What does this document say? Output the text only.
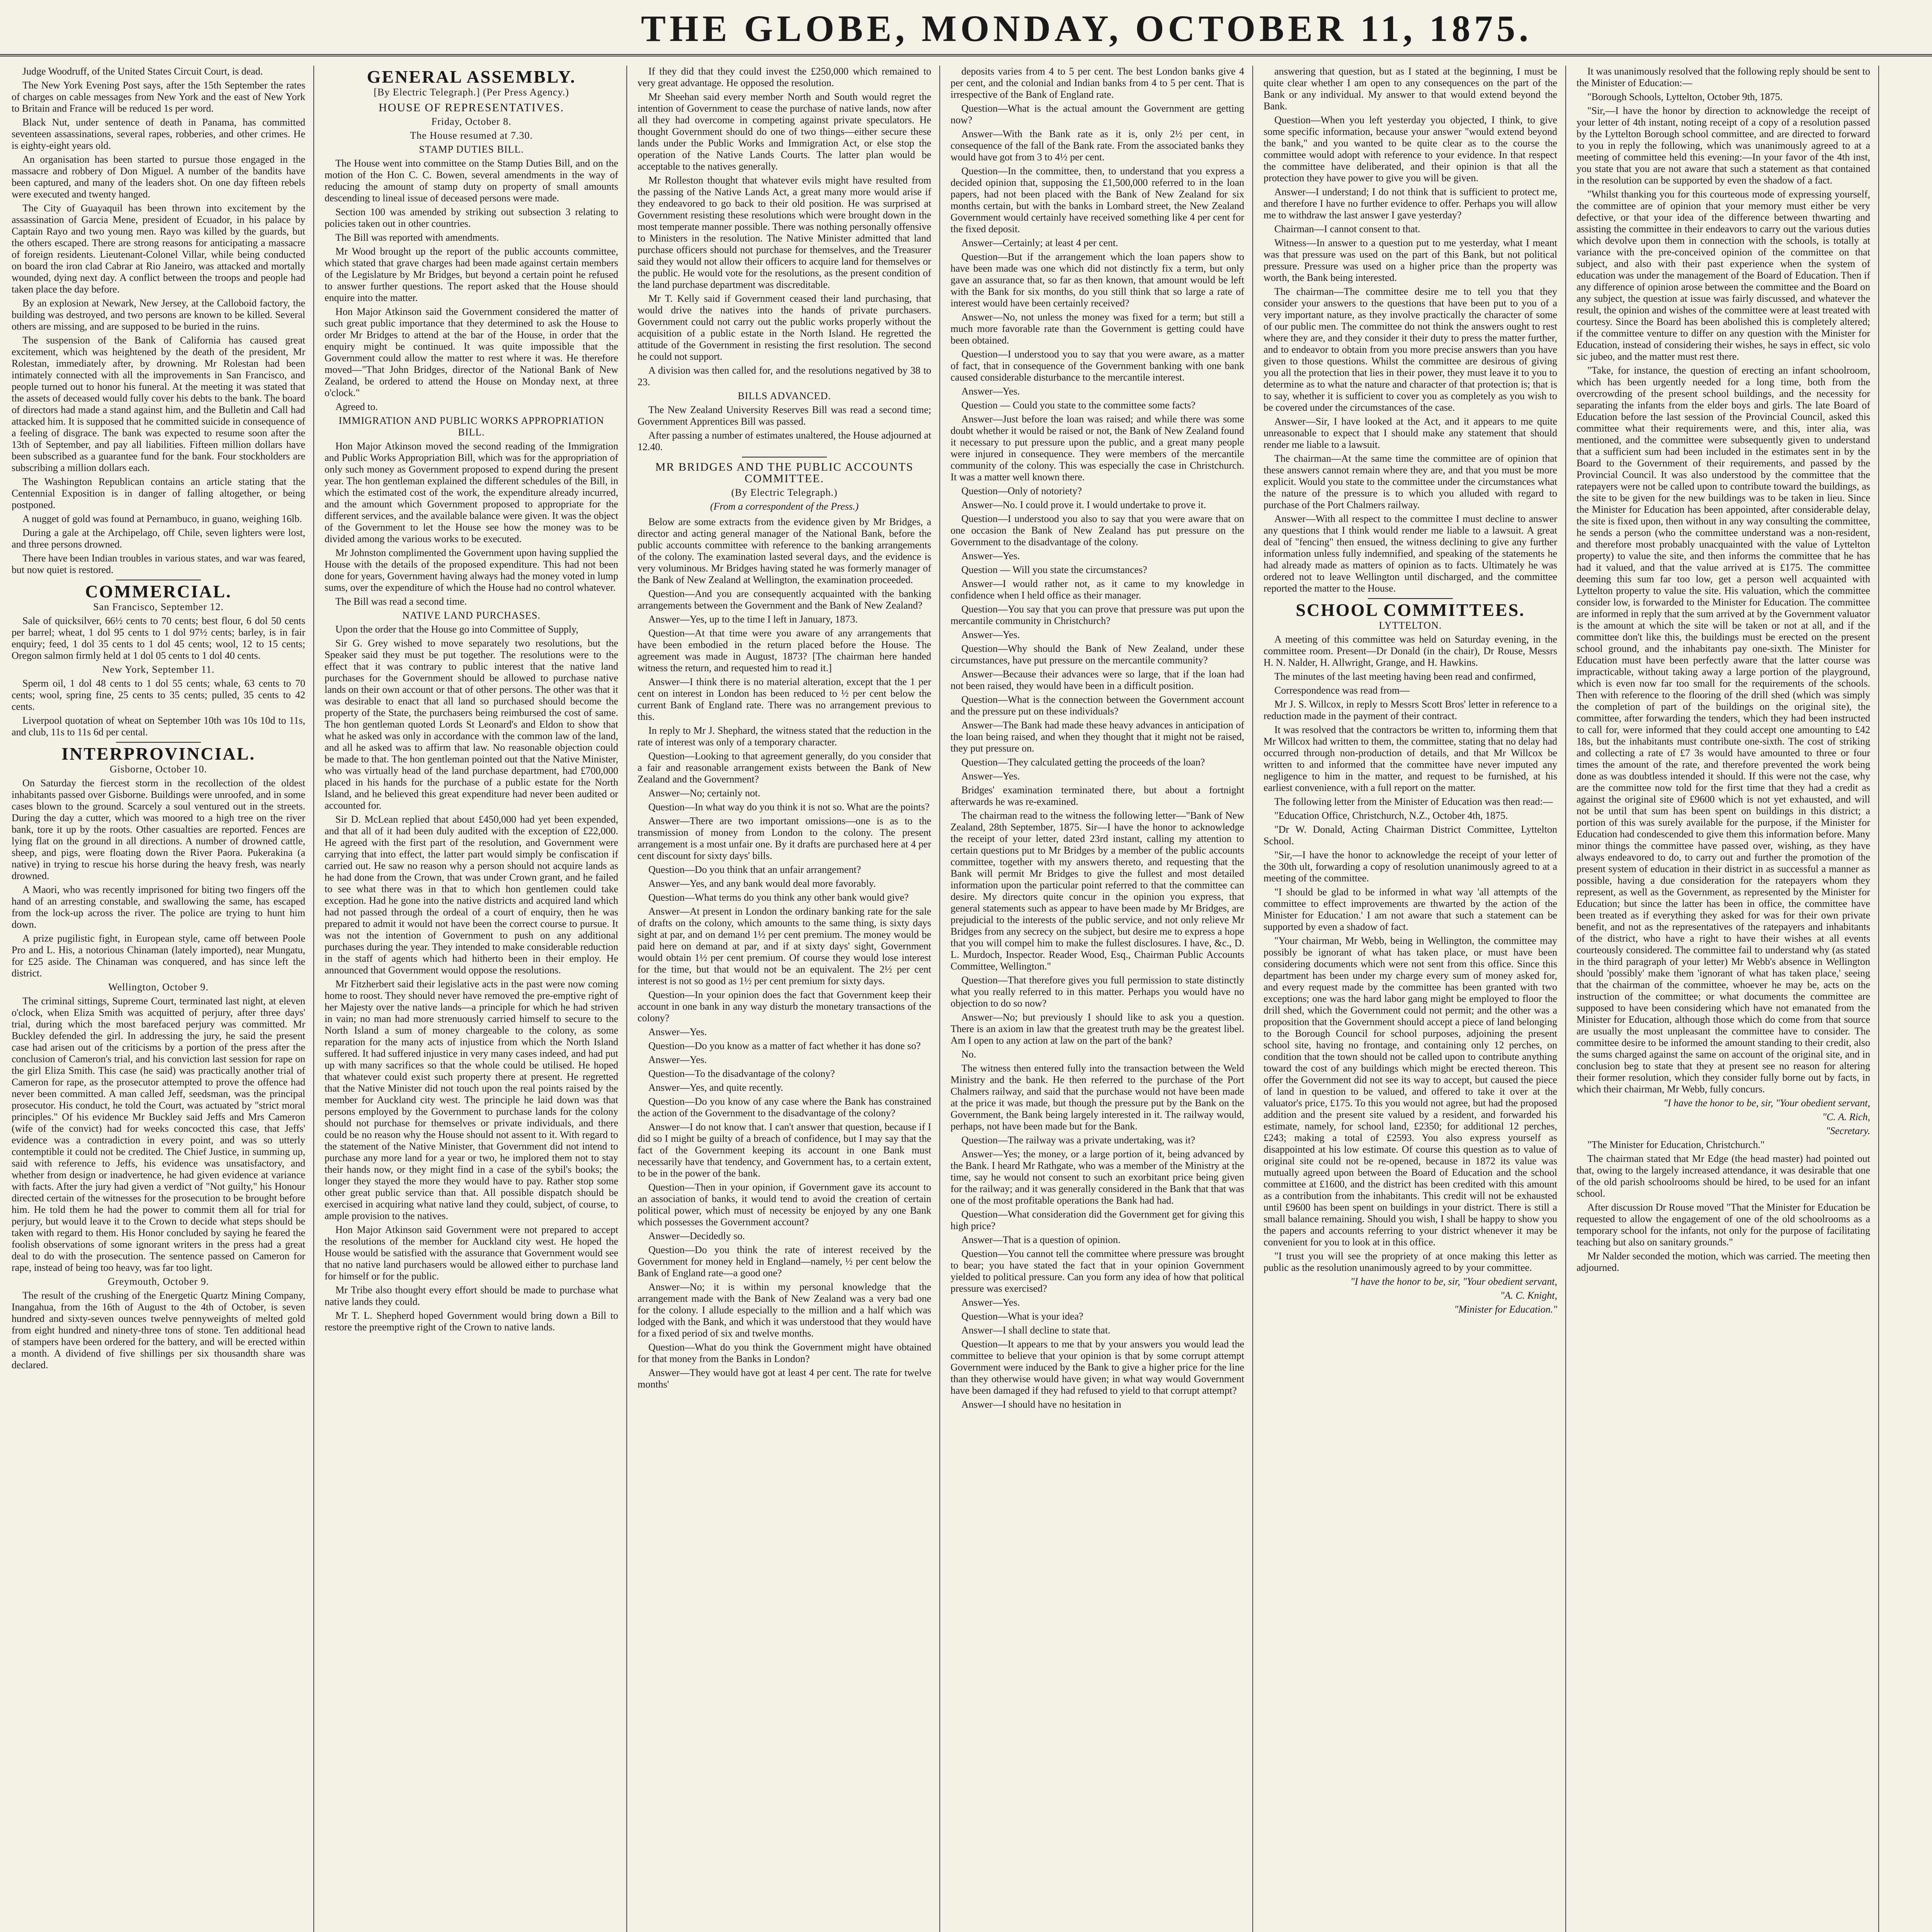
THE GLOBE, MONDAY, OCTOBER 11, 1875.

Judge Woodruff, of the United States Circuit Court, is dead.

The New York Evening Post says, after the 15th September the rates of charges on cable messages from New York and the east of New York to Britain and France will be reduced 1s per word.

Black Nut, under sentence of death in Panama, has committed seventeen assassinations, several rapes, robberies, and other crimes. He is eighty-eight years old.

An organisation has been started to pursue those engaged in the massacre and robbery of Don Miguel. A number of the bandits have been captured, and many of the leaders shot. On one day fifteen rebels were executed and twenty hanged.

The City of Guayaquil has been thrown into excitement by the assassination of Garcia Mene, president of Ecuador, in his palace by Captain Rayo and two young men. Rayo was killed by the guards, but the others escaped. There are strong reasons for anticipating a massacre of foreign residents. Lieutenant-Colonel Villar, while being conducted on board the iron clad Cabrar at Rio Janeiro, was attacked and mortally wounded, dying next day. A conflict between the troops and people had taken place the day before.

By an explosion at Newark, New Jersey, at the Calloboid factory, the building was destroyed, and two persons are known to be killed. Several others are missing, and are supposed to be buried in the ruins.

The suspension of the Bank of California has caused great excitement, which was heightened by the death of the president, Mr Rolestan, immediately after, by drowning. Mr Rolestan had been intimately connected with all the improvements in San Francisco, and people turned out to honor his funeral. At the meeting it was stated that the assets of deceased would fully cover his debts to the bank. The board of directors had made a stand against him, and the Bulletin and Call had attacked him. It is supposed that he committed suicide in consequence of a feeling of disgrace. The bank was expected to resume soon after the 13th of September, and pay all liabilities. Fifteen million dollars have been subscribed as a guarantee fund for the bank. Four stockholders are subscribing a million dollars each.

The Washington Republican contains an article stating that the Centennial Exposition is in danger of falling altogether, or being postponed.

A nugget of gold was found at Pernambuco, in guano, weighing 16lb.

During a gale at the Archipelago, off Chile, seven lighters were lost, and three persons drowned.

There have been Indian troubles in various states, and war was feared, but now quiet is restored.

COMMERCIAL.
San Francisco, September 12.

Sale of quicksilver, 66½ cents to 70 cents; best flour, 6 dol 50 cents per barrel; wheat, 1 dol 95 cents to 1 dol 97½ cents; barley, is in fair enquiry; feed, 1 dol 35 cents to 1 dol 45 cents; wool, 12 to 15 cents; Oregon salmon firmly held at 1 dol 05 cents to 1 dol 40 cents.

New York, September 11.

Sperm oil, 1 dol 48 cents to 1 dol 55 cents; whale, 63 cents to 70 cents; wool, spring fine, 25 cents to 35 cents; pulled, 35 cents to 42 cents.

Liverpool quotation of wheat on September 10th was 10s 10d to 11s, and club, 11s to 11s 6d per cental.

INTERPROVINCIAL.
Gisborne, October 10.

On Saturday the fiercest storm in the recollection of the oldest inhabitants passed over Gisborne. Buildings were unroofed, and in some cases blown to the ground. Scarcely a soul ventured out in the streets. During the day a cutter, which was moored to a high tree on the river bank, tore it up by the roots. Other casualties are reported. Fences are lying flat on the ground in all directions. A number of drowned cattle, sheep, and pigs, were floating down the River Paora. Pukerakina (a native) in trying to rescue his horse during the heavy fresh, was nearly drowned.

A Maori, who was recently imprisoned for biting two fingers off the hand of an arresting constable, and swallowing the same, has escaped from the lock-up across the river. The police are trying to hunt him down.

A prize pugilistic fight, in European style, came off between Poole Pro and L. His, a notorious Chinaman (lately imported), near Mungatu, for £25 aside. The Chinaman was conquered, and has since left the district.

Wellington, October 9.

The criminal sittings, Supreme Court, terminated last night, at eleven o'clock, when Eliza Smith was acquitted of perjury, after three days' trial, during which the most barefaced perjury was committed. Mr Buckley defended the girl. In addressing the jury, he said the present case had arisen out of the criticisms by a portion of the press after the conclusion of Cameron's trial, and his conviction last session for rape on the girl Eliza Smith. This case (he said) was practically another trial of Cameron for rape, as the prosecutor attempted to prove the offence had never been committed. A man called Jeff, seedsman, was the principal prosecutor. His conduct, he told the Court, was actuated by "strict moral principles." Of his evidence Mr Buckley said Jeffs and Mrs Cameron (wife of the convict) had for weeks concocted this case, that Jeffs' evidence was a contradiction in every point, and was so utterly contemptible it could not be credited. The Chief Justice, in summing up, said with reference to Jeffs, his evidence was unsatisfactory, and whether from design or inadvertence, he had given evidence at variance with facts. After the jury had given a verdict of "Not guilty," his Honour directed certain of the witnesses for the prosecution to be brought before him. He told them he had the power to commit them all for trial for perjury, but would leave it to the Crown to decide what steps should be taken with regard to them. His Honor concluded by saying he feared the foolish observations of some ignorant writers in the press had a great deal to do with the prosecution. The sentence passed on Cameron for rape, instead of being too heavy, was far too light.

Greymouth, October 9.

The result of the crushing of the Energetic Quartz Mining Company, Inangahua, from the 16th of August to the 4th of October, is seven hundred and sixty-seven ounces twelve pennyweights of melted gold from eight hundred and ninety-three tons of stone. Ten additional head of stampers have been ordered for the battery, and will be erected within a month. A dividend of five shillings per six thousandth share was declared.

GENERAL ASSEMBLY.
[By Electric Telegraph.] (Per Press Agency.)
HOUSE OF REPRESENTATIVES.
Friday, October 8.
The House resumed at 7.30.
STAMP DUTIES BILL.

The House went into committee on the Stamp Duties Bill, and on the motion of the Hon C. C. Bowen, several amendments in the way of reducing the amount of stamp duty on property of small amounts descending to lineal issue of deceased persons were made.

Section 100 was amended by striking out subsection 3 relating to policies taken out in other countries.

The Bill was reported with amendments.

Mr Wood brought up the report of the public accounts committee, which stated that grave charges had been made against certain members of the Legislature by Mr Bridges, but beyond a certain point he refused to answer further questions. The report asked that the House should enquire into the matter.

Hon Major Atkinson said the Government considered the matter of such great public importance that they determined to ask the House to order Mr Bridges to attend at the bar of the House, in order that the enquiry might be continued. It was quite impossible that the Government could allow the matter to rest where it was. He therefore moved—"That John Bridges, director of the National Bank of New Zealand, be ordered to attend the House on Monday next, at three o'clock."

Agreed to.

IMMIGRATION AND PUBLIC WORKS APPROPRIATION BILL.

Hon Major Atkinson moved the second reading of the Immigration and Public Works Appropriation Bill, which was for the appropriation of only such money as Government proposed to expend during the present year. The hon gentleman explained the different schedules of the Bill, in which the estimated cost of the work, the expenditure already incurred, and the amount which Government proposed to appropriate for the different services, and the available balance were given. It was the object of the Government to let the House see how the money was to be divided among the various works to be executed.

Mr Johnston complimented the Government upon having supplied the House with the details of the proposed expenditure. This had not been done for years, Government having always had the money voted in lump sums, over the expenditure of which the House had no control whatever.

The Bill was read a second time.

NATIVE LAND PURCHASES.

Upon the order that the House go into Committee of Supply,

Sir G. Grey wished to move separately two resolutions, but the Speaker said they must be put together. The resolutions were to the effect that it was contrary to public interest that the native land purchases for the Government should be allowed to purchase native lands on their own account or that of other persons. The other was that it was desirable to enact that all land so purchased should become the property of the State, the purchasers being reimbursed the cost of same. The hon gentleman quoted Lords St Leonard's and Eldon to show that what he asked was only in accordance with the common law of the land, and all he asked was to affirm that law. No reasonable objection could be made to that. The hon gentleman pointed out that the Native Minister, who was virtually head of the land purchase department, had £700,000 placed in his hands for the purchase of a public estate for the North Island, and he believed this great expenditure had never been audited or accounted for.

Sir D. McLean replied that about £450,000 had yet been expended, and that all of it had been duly audited with the exception of £22,000. He agreed with the first part of the resolution, and Government were carrying that into effect, the latter part would simply be confiscation if carried out. He saw no reason why a person should not acquire lands as he had done from the Crown, that was under Crown grant, and he failed to see what there was in that to which hon gentlemen could take exception. Had he gone into the native districts and acquired land which had not passed through the ordeal of a court of enquiry, then he was prepared to admit it would not have been the correct course to pursue. It was not the intention of Government to push on any additional purchases during the year. They intended to make considerable reduction in the staff of agents which had hitherto been in their employ. He announced that Government would oppose the resolutions.

Mr Fitzherbert said their legislative acts in the past were now coming home to roost. They should never have removed the pre-emptive right of her Majesty over the native lands—a principle for which he had striven in vain; no man had more strenuously carried himself to secure to the North Island a sum of money chargeable to the colony, as some reparation for the many acts of injustice from which the North Island suffered. It had suffered injustice in very many cases indeed, and had put up with many sacrifices so that the whole could be utilised. He hoped that whatever could exist such property there at present. He regretted that the Native Minister did not touch upon the real points raised by the member for Auckland city west. The principle he laid down was that persons employed by the Government to purchase lands for the colony should not purchase for themselves or private individuals, and there could be no reason why the House should not assent to it. With regard to the statement of the Native Minister, that Government did not intend to purchase any more land for a year or two, he implored them not to stay their hands now, or they might find in a case of the sybil's books; the longer they stayed the more they would have to pay. Rather stop some other great public service than that. All possible dispatch should be exercised in acquiring what native land they could, subject, of course, to ample provision to the natives.

Hon Major Atkinson said Government were not prepared to accept the resolutions of the member for Auckland city west. He hoped the House would be satisfied with the assurance that Government would see that no native land purchasers would be allowed either to purchase land for himself or for the public.

Mr Tribe also thought every effort should be made to purchase what native lands they could.

Mr T. L. Shepherd hoped Government would bring down a Bill to restore the preemptive right of the Crown to native lands.

If they did that they could invest the £250,000 which remained to very great advantage. He opposed the resolution.

Mr Sheehan said every member North and South would regret the intention of Government to cease the purchase of native lands, now after all they had overcome in competing against private speculators. He thought Government should do one of two things—either secure these lands under the Public Works and Immigration Act, or else stop the operation of the Native Lands Courts. The latter plan would be acceptable to the natives generally.

Mr Rolleston thought that whatever evils might have resulted from the passing of the Native Lands Act, a great many more would arise if they endeavored to go back to their old position. He was surprised at Government resisting these resolutions which were brought down in the most temperate manner possible. There was nothing personally offensive to Ministers in the resolution. The Native Minister admitted that land purchase officers should not purchase for themselves, and the Treasurer said they would not allow their officers to acquire land for themselves or the public. He would vote for the resolutions, as the present condition of the land purchase department was discreditable.

Mr T. Kelly said if Government ceased their land purchasing, that would drive the natives into the hands of private purchasers. Government could not carry out the public works properly without the acquisition of a public estate in the North Island. He regretted the attitude of the Government in resisting the first resolution. The second he could not support.

A division was then called for, and the resolutions negatived by 38 to 23.

BILLS ADVANCED.

The New Zealand University Reserves Bill was read a second time; Government Apprentices Bill was passed.

After passing a number of estimates unaltered, the House adjourned at 12.40.

MR BRIDGES AND THE PUBLIC ACCOUNTS COMMITTEE.
(By Electric Telegraph.)
(From a correspondent of the Press.)

Below are some extracts from the evidence given by Mr Bridges, a director and acting general manager of the National Bank, before the public accounts committee with reference to the banking arrangements of the colony. The examination lasted several days, and the evidence is very voluminous. Mr Bridges having stated he was formerly manager of the Bank of New Zealand at Wellington, the examination proceeded.

Question—And you are consequently acquainted with the banking arrangements between the Government and the Bank of New Zealand?

Answer—Yes, up to the time I left in January, 1873.

Question—At that time were you aware of any arrangements that have been embodied in the return placed before the House. The agreement was made in August, 1873? [The chairman here handed witness the return, and requested him to read it.]

Answer—I think there is no material alteration, except that the 1 per cent on interest in London has been reduced to ½ per cent below the current Bank of England rate. There was no arrangement previous to this.

In reply to Mr J. Shephard, the witness stated that the reduction in the rate of interest was only of a temporary character.

Question—Looking to that agreement generally, do you consider that a fair and reasonable arrangement exists between the Bank of New Zealand and the Government?

Answer—No; certainly not.

Question—In what way do you think it is not so. What are the points?

Answer—There are two important omissions—one is as to the transmission of money from London to the colony. The present arrangement is a most unfair one. By it drafts are purchased here at 4 per cent discount for sixty days' bills.

Question—Do you think that an unfair arrangement?

Answer—Yes, and any bank would deal more favorably.

Question—What terms do you think any other bank would give?

Answer—At present in London the ordinary banking rate for the sale of drafts on the colony, which amounts to the same thing, is sixty days sight at par, and on demand 1½ per cent premium. The money would be paid here on demand at par, and if at sixty days' sight, Government would obtain 1½ per cent premium. Of course they would lose interest for the time, but that would not be an equivalent. The 2½ per cent interest is not so good as 1½ per cent premium for sixty days.

Question—In your opinion does the fact that Government keep their account in one bank in any way disturb the monetary transactions of the colony?

Answer—Yes.

Question—Do you know as a matter of fact whether it has done so?

Answer—Yes.

Question—To the disadvantage of the colony?

Answer—Yes, and quite recently.

Question—Do you know of any case where the Bank has constrained the action of the Government to the disadvantage of the colony?

Answer—I do not know that. I can't answer that question, because if I did so I might be guilty of a breach of confidence, but I may say that the fact of the Government keeping its account in one Bank must necessarily have that tendency, and Government has, to a certain extent, to be in the power of the bank.

Question—Then in your opinion, if Government gave its account to an association of banks, it would tend to avoid the creation of certain political power, which must of necessity be enjoyed by any one Bank which possesses the Government account?

Answer—Decidedly so.

Question—Do you think the rate of interest received by the Government for money held in England—namely, ½ per cent below the Bank of England rate—a good one?

Answer—No; it is within my personal knowledge that the arrangement made with the Bank of New Zealand was a very bad one for the colony. I allude especially to the million and a half which was lodged with the Bank, and which it was understood that they would have for a fixed period of six and twelve months.

Question—What do you think the Government might have obtained for that money from the Banks in London?

Answer—They would have got at least 4 per cent. The rate for twelve months'

deposits varies from 4 to 5 per cent. The best London banks give 4 per cent, and the colonial and Indian banks from 4 to 5 per cent. That is irrespective of the Bank of England rate.

Question—What is the actual amount the Government are getting now?

Answer—With the Bank rate as it is, only 2½ per cent, in consequence of the fall of the Bank rate. From the associated banks they would have got from 3 to 4½ per cent.

Question—In the committee, then, to understand that you express a decided opinion that, supposing the £1,500,000 referred to in the loan papers, had not been placed with the Bank of New Zealand for six months certain, but with the banks in Lombard street, the New Zealand Government would certainly have received something like 4 per cent for the fixed deposit.

Answer—Certainly; at least 4 per cent.

Question—But if the arrangement which the loan papers show to have been made was one which did not distinctly fix a term, but only gave an assurance that, so far as then known, that amount would be left with the Bank for six months, do you still think that so large a rate of interest would have been certainly received?

Answer—No, not unless the money was fixed for a term; but still a much more favorable rate than the Government is getting could have been obtained.

Question—I understood you to say that you were aware, as a matter of fact, that in consequence of the Government banking with one bank caused considerable disturbance to the mercantile interest.

Answer—Yes.

Question — Could you state to the committee some facts?

Answer—Just before the loan was raised; and while there was some doubt whether it would be raised or not, the Bank of New Zealand found it necessary to put pressure upon the public, and a great many people were injured in consequence. They were members of the mercantile community of the colony. This was especially the case in Christchurch. It was a matter well known there.

Question—Only of notoriety?

Answer—No. I could prove it. I would undertake to prove it.

Question—I understood you also to say that you were aware that on one occasion the Bank of New Zealand has put pressure on the Government to the disadvantage of the colony.

Answer—Yes.

Question — Will you state the circumstances?

Answer—I would rather not, as it came to my knowledge in confidence when I held office as their manager.

Question—You say that you can prove that pressure was put upon the mercantile community in Christchurch?

Answer—Yes.

Question—Why should the Bank of New Zealand, under these circumstances, have put pressure on the mercantile community?

Answer—Because their advances were so large, that if the loan had not been raised, they would have been in a difficult position.

Question—What is the connection between the Government account and the pressure put on these individuals?

Answer—The Bank had made these heavy advances in anticipation of the loan being raised, and when they thought that it might not be raised, they put pressure on.

Question—They calculated getting the proceeds of the loan?

Answer—Yes.

Bridges' examination terminated there, but about a fortnight afterwards he was re-examined.

The chairman read to the witness the following letter—"Bank of New Zealand, 28th September, 1875. Sir—I have the honor to acknowledge the receipt of your letter, dated 23rd instant, calling my attention to certain questions put to Mr Bridges by a member of the public accounts committee, together with my answers thereto, and requesting that the Bank will permit Mr Bridges to give the fullest and most detailed information upon the particular point referred to that the committee can desire. My directors quite concur in the opinion you express, that general statements such as appear to have been made by Mr Bridges, are prejudicial to the interests of the public service, and not only relieve Mr Bridges from any secrecy on the subject, but desire me to express a hope that you will compel him to make the fullest disclosures. I have, &c., D. L. Murdoch, Inspector. Reader Wood, Esq., Chairman Public Accounts Committee, Wellington."

Question—That therefore gives you full permission to state distinctly what you really referred to in this matter. Perhaps you would have no objection to do so now?

Answer—No; but previously I should like to ask you a question. There is an axiom in law that the greatest truth may be the greatest libel. Am I open to any action at law on the part of the bank?

No.

The witness then entered fully into the transaction between the Weld Ministry and the bank. He then referred to the purchase of the Port Chalmers railway, and said that the purchase would not have been made at the price it was made, but though the pressure put by the Bank on the Government, the Bank being largely interested in it. The railway would, perhaps, not have been made but for the Bank.

Question—The railway was a private undertaking, was it?

Answer—Yes; the money, or a large portion of it, being advanced by the Bank. I heard Mr Rathgate, who was a member of the Ministry at the time, say he would not consent to such an exorbitant price being given for the railway; and it was generally considered in the Bank that that was one of the most profitable operations the Bank had had.

Question—What consideration did the Government get for giving this high price?

Answer—That is a question of opinion.

Question—You cannot tell the committee where pressure was brought to bear; you have stated the fact that in your opinion Government yielded to political pressure. Can you form any idea of how that political pressure was exercised?

Answer—Yes.

Question—What is your idea?

Answer—I shall decline to state that.

Question—It appears to me that by your answers you would lead the committee to believe that your opinion is that by some corrupt attempt Government were induced by the Bank to give a higher price for the line than they otherwise would have given; in what way would Government have been damaged if they had refused to yield to that corrupt attempt?

Answer—I should have no hesitation in

answering that question, but as I stated at the beginning, I must be quite clear whether I am open to any consequences on the part of the Bank or any individual. My answer to that would extend beyond the Bank.

Question—When you left yesterday you objected, I think, to give some specific information, because your answer "would extend beyond the bank," and you wanted to be quite clear as to the course the committee would adopt with reference to your evidence. In that respect the committee have deliberated, and their opinion is that all the protection they have power to give you will be given.

Answer—I understand; I do not think that is sufficient to protect me, and therefore I have no further evidence to offer. Perhaps you will allow me to withdraw the last answer I gave yesterday?

Chairman—I cannot consent to that.

Witness—In answer to a question put to me yesterday, what I meant was that pressure was used on the part of this Bank, but not political pressure. Pressure was used on a higher price than the property was worth, the Bank being interested.

The chairman—The committee desire me to tell you that they consider your answers to the questions that have been put to you of a very important nature, as they involve practically the character of some of our public men. The committee do not think the answers ought to rest where they are, and they consider it their duty to press the matter further, and to endeavor to obtain from you more precise answers than you have given to those questions. Whilst the committee are desirous of giving you all the protection that lies in their power, they must leave it to you to determine as to what the nature and character of that protection is; that is to say, whether it is sufficient to cover you as completely as you wish to be covered under the circumstances of the case.

Answer—Sir, I have looked at the Act, and it appears to me quite unreasonable to expect that I should make any statement that should render me liable to a lawsuit.

The chairman—At the same time the committee are of opinion that these answers cannot remain where they are, and that you must be more explicit. Would you state to the committee under the circumstances what the nature of the pressure is to which you alluded with regard to purchase of the Port Chalmers railway.

Answer—With all respect to the committee I must decline to answer any questions that I think would render me liable to a lawsuit. A great deal of "fencing" then ensued, the witness declining to give any further information unless fully indemnified, and speaking of the statements he had already made as matters of opinion as to facts. Ultimately he was ordered not to leave Wellington until discharged, and the committee reported the matter to the House.

SCHOOL COMMITTEES.
LYTTELTON.

A meeting of this committee was held on Saturday evening, in the committee room. Present—Dr Donald (in the chair), Dr Rouse, Messrs H. N. Nalder, H. Allwright, Grange, and H. Hawkins.

The minutes of the last meeting having been read and confirmed,

Correspondence was read from—

Mr J. S. Willcox, in reply to Messrs Scott Bros' letter in reference to a reduction made in the payment of their contract.

It was resolved that the contractors be written to, informing them that Mr Willcox had written to them, the committee, stating that no delay had occurred through non-production of details, and that Mr Willcox be written to and informed that the committee have never imputed any negligence to him in the matter, and request to be furnished, at his earliest convenience, with a full report on the matter.

The following letter from the Minister of Education was then read:—

"Education Office, Christchurch, N.Z., October 4th, 1875.

"Dr W. Donald, Acting Chairman District Committee, Lyttelton School.

"Sir,—I have the honor to acknowledge the receipt of your letter of the 30th ult, forwarding a copy of resolution unanimously agreed to at a meeting of the committee.

"I should be glad to be informed in what way 'all attempts of the committee to effect improvements are thwarted by the action of the Minister for Education.' I am not aware that such a statement can be supported by even a shadow of fact.

"Your chairman, Mr Webb, being in Wellington, the committee may possibly be ignorant of what has taken place, or must have been considering documents which were not sent from this office. Since this department has been under my charge every sum of money asked for, and every request made by the committee has been granted with two exceptions; one was the hard labor gang might be employed to floor the drill shed, which the Government could not permit; and the other was a proposition that the Government should accept a piece of land belonging to the Borough Council for school purposes, adjoining the present school site, having no frontage, and containing only 12 perches, on condition that the town should not be called upon to contribute anything toward the cost of any buildings which might be erected thereon. This offer the Government did not see its way to accept, but caused the piece of land in question to be valued, and offered to take it over at the valuator's price, £175. To this you would not agree, but had the proposed addition and the present site valued by a resident, and forwarded his estimate, namely, for school land, £2350; for additional 12 perches, £243; making a total of £2593. You also express yourself as disappointed at his low estimate. Of course this question as to value of original site could not be re-opened, because in 1872 its value was mutually agreed upon between the Board of Education and the school committee at £1600, and the district has been credited with this amount as a contribution from the inhabitants. This credit will not be exhausted until £9600 has been spent on buildings in your district. There is still a small balance remaining. Should you wish, I shall be happy to show you the papers and accounts referring to your district whenever it may be convenient for you to look at in this office.

"I trust you will see the propriety of at once making this letter as public as the resolution unanimously agreed to by your committee.

"I have the honor to be, sir, "Your obedient servant,

"A. C. Knight,

"Minister for Education."

It was unanimously resolved that the following reply should be sent to the Minister of Education:—

"Borough Schools, Lyttelton, October 9th, 1875.

"Sir,—I have the honor by direction to acknowledge the receipt of your letter of 4th instant, noting receipt of a copy of a resolution passed by the Lyttelton Borough school committee, and are directed to forward to you in reply the following, which was unanimously agreed to at a meeting of committee held this evening:—In your favor of the 4th inst, you state that you are not aware that such a statement as that contained in the resolution can be supported by even the shadow of a fact.

"Whilst thanking you for this courteous mode of expressing yourself, the committee are of opinion that your memory must either be very defective, or that your idea of the difference between thwarting and assisting the committee in their endeavors to carry out the various duties which devolve upon them in connection with the schools, is totally at variance with the pre-conceived opinion of the committee on that subject, and also with their past experience when the system of education was under the management of the Board of Education. Then if any difference of opinion arose between the committee and the Board on any subject, the question at issue was fairly discussed, and whatever the result, the opinion and wishes of the committee were at least treated with courtesy. Since the Board has been abolished this is completely altered; if the committee venture to differ on any question with the Minister for Education, instead of considering their wishes, he says in effect, sic volo sic jubeo, and the matter must rest there.

"Take, for instance, the question of erecting an infant schoolroom, which has been urgently needed for a long time, both from the overcrowding of the present school buildings, and the necessity for separating the infants from the elder boys and girls. The late Board of Education before the last session of the Provincial Council, asked this committee what their requirements were, and this, inter alia, was mentioned, and the committee were subsequently given to understand that a sufficient sum had been included in the estimates sent in by the Board to the Government of their requirements, and passed by the Provincial Council. It was also understood by the committee that the ratepayers were not be called upon to contribute toward the buildings, as the site to be given for the new buildings was to be taken in lieu. Since the Minister for Education has been appointed, after considerable delay, the site is fixed upon, then without in any way consulting the committee, he sends a person (who the committee understand was a non-resident, and therefore most probably unacquainted with the value of Lyttelton property) to value the site, and then informs the committee that he has had it valued, and that the value arrived at is £175. The committee deeming this sum far too low, get a person well acquainted with Lyttelton property to value the site. His valuation, which the committee consider low, is forwarded to the Minister for Education. The committee are informed in reply that the sum arrived at by the Government valuator is the amount at which the site will be taken or not at all, and if the committee don't like this, the buildings must be erected on the present school ground, and the inhabitants pay one-sixth. The Minister for Education must have been perfectly aware that the latter course was impracticable, without taking away a large portion of the playground, which is even now far too small for the requirements of the schools. Then with reference to the flooring of the drill shed (which was simply the completion of part of the buildings on the original site), the committee, after forwarding the tenders, which they had been instructed to call for, were informed that they could accept one amounting to £42 18s, but the inhabitants must contribute one-sixth. The cost of striking and collecting a rate of £7 3s would have amounted to three or four times the amount of the rate, and therefore prevented the work being done as was doubtless intended it should. If this were not the case, why are the committee now told for the first time that they had a credit as against the original site of £9600 which is not yet exhausted, and will not be until that sum has been spent on buildings in this district; a portion of this was surely available for the purpose, if the Minister for Education had condescended to give them this information before. Many minor things the committee have passed over, wishing, as they have always endeavored to do, to carry out and further the promotion of the present system of education in their district in as successful a manner as possible, having a due consideration for the ratepayers whom they represent, as well as the Government, as represented by the Minister for Education; but since the latter has been in office, the committee have been treated as if everything they asked for was for their own private benefit, and not as the representatives of the ratepayers and inhabitants of the district, who have a right to have their wishes at all events courteously considered. The committee fail to understand why (as stated in the third paragraph of your letter) Mr Webb's absence in Wellington should 'possibly' make them 'ignorant of what has taken place,' seeing that the chairman of the committee, whoever he may be, acts on the instruction of the committee; or what documents the committee are supposed to have been considering which have not emanated from the Minister for Education, although those which do come from that source are usually the most unpleasant the committee have to consider. The committee desire to be informed the amount standing to their credit, also the sums charged against the same on account of the original site, and in conclusion beg to state that they at present see no reason for altering their former resolution, which they consider fully borne out by facts, in which their chairman, Mr Webb, fully concurs.

"I have the honor to be, sir, "Your obedient servant,

"C. A. Rich,

"Secretary.

"The Minister for Education, Christchurch."

The chairman stated that Mr Edge (the head master) had pointed out that, owing to the largely increased attendance, it was desirable that one of the old parish schoolrooms should be hired, to be used for an infant school.

After discussion Dr Rouse moved "That the Minister for Education be requested to allow the engagement of one of the old schoolrooms as a temporary school for the infants, not only for the purpose of facilitating teaching but also on sanitary grounds."

Mr Nalder seconded the motion, which was carried. The meeting then adjourned.
